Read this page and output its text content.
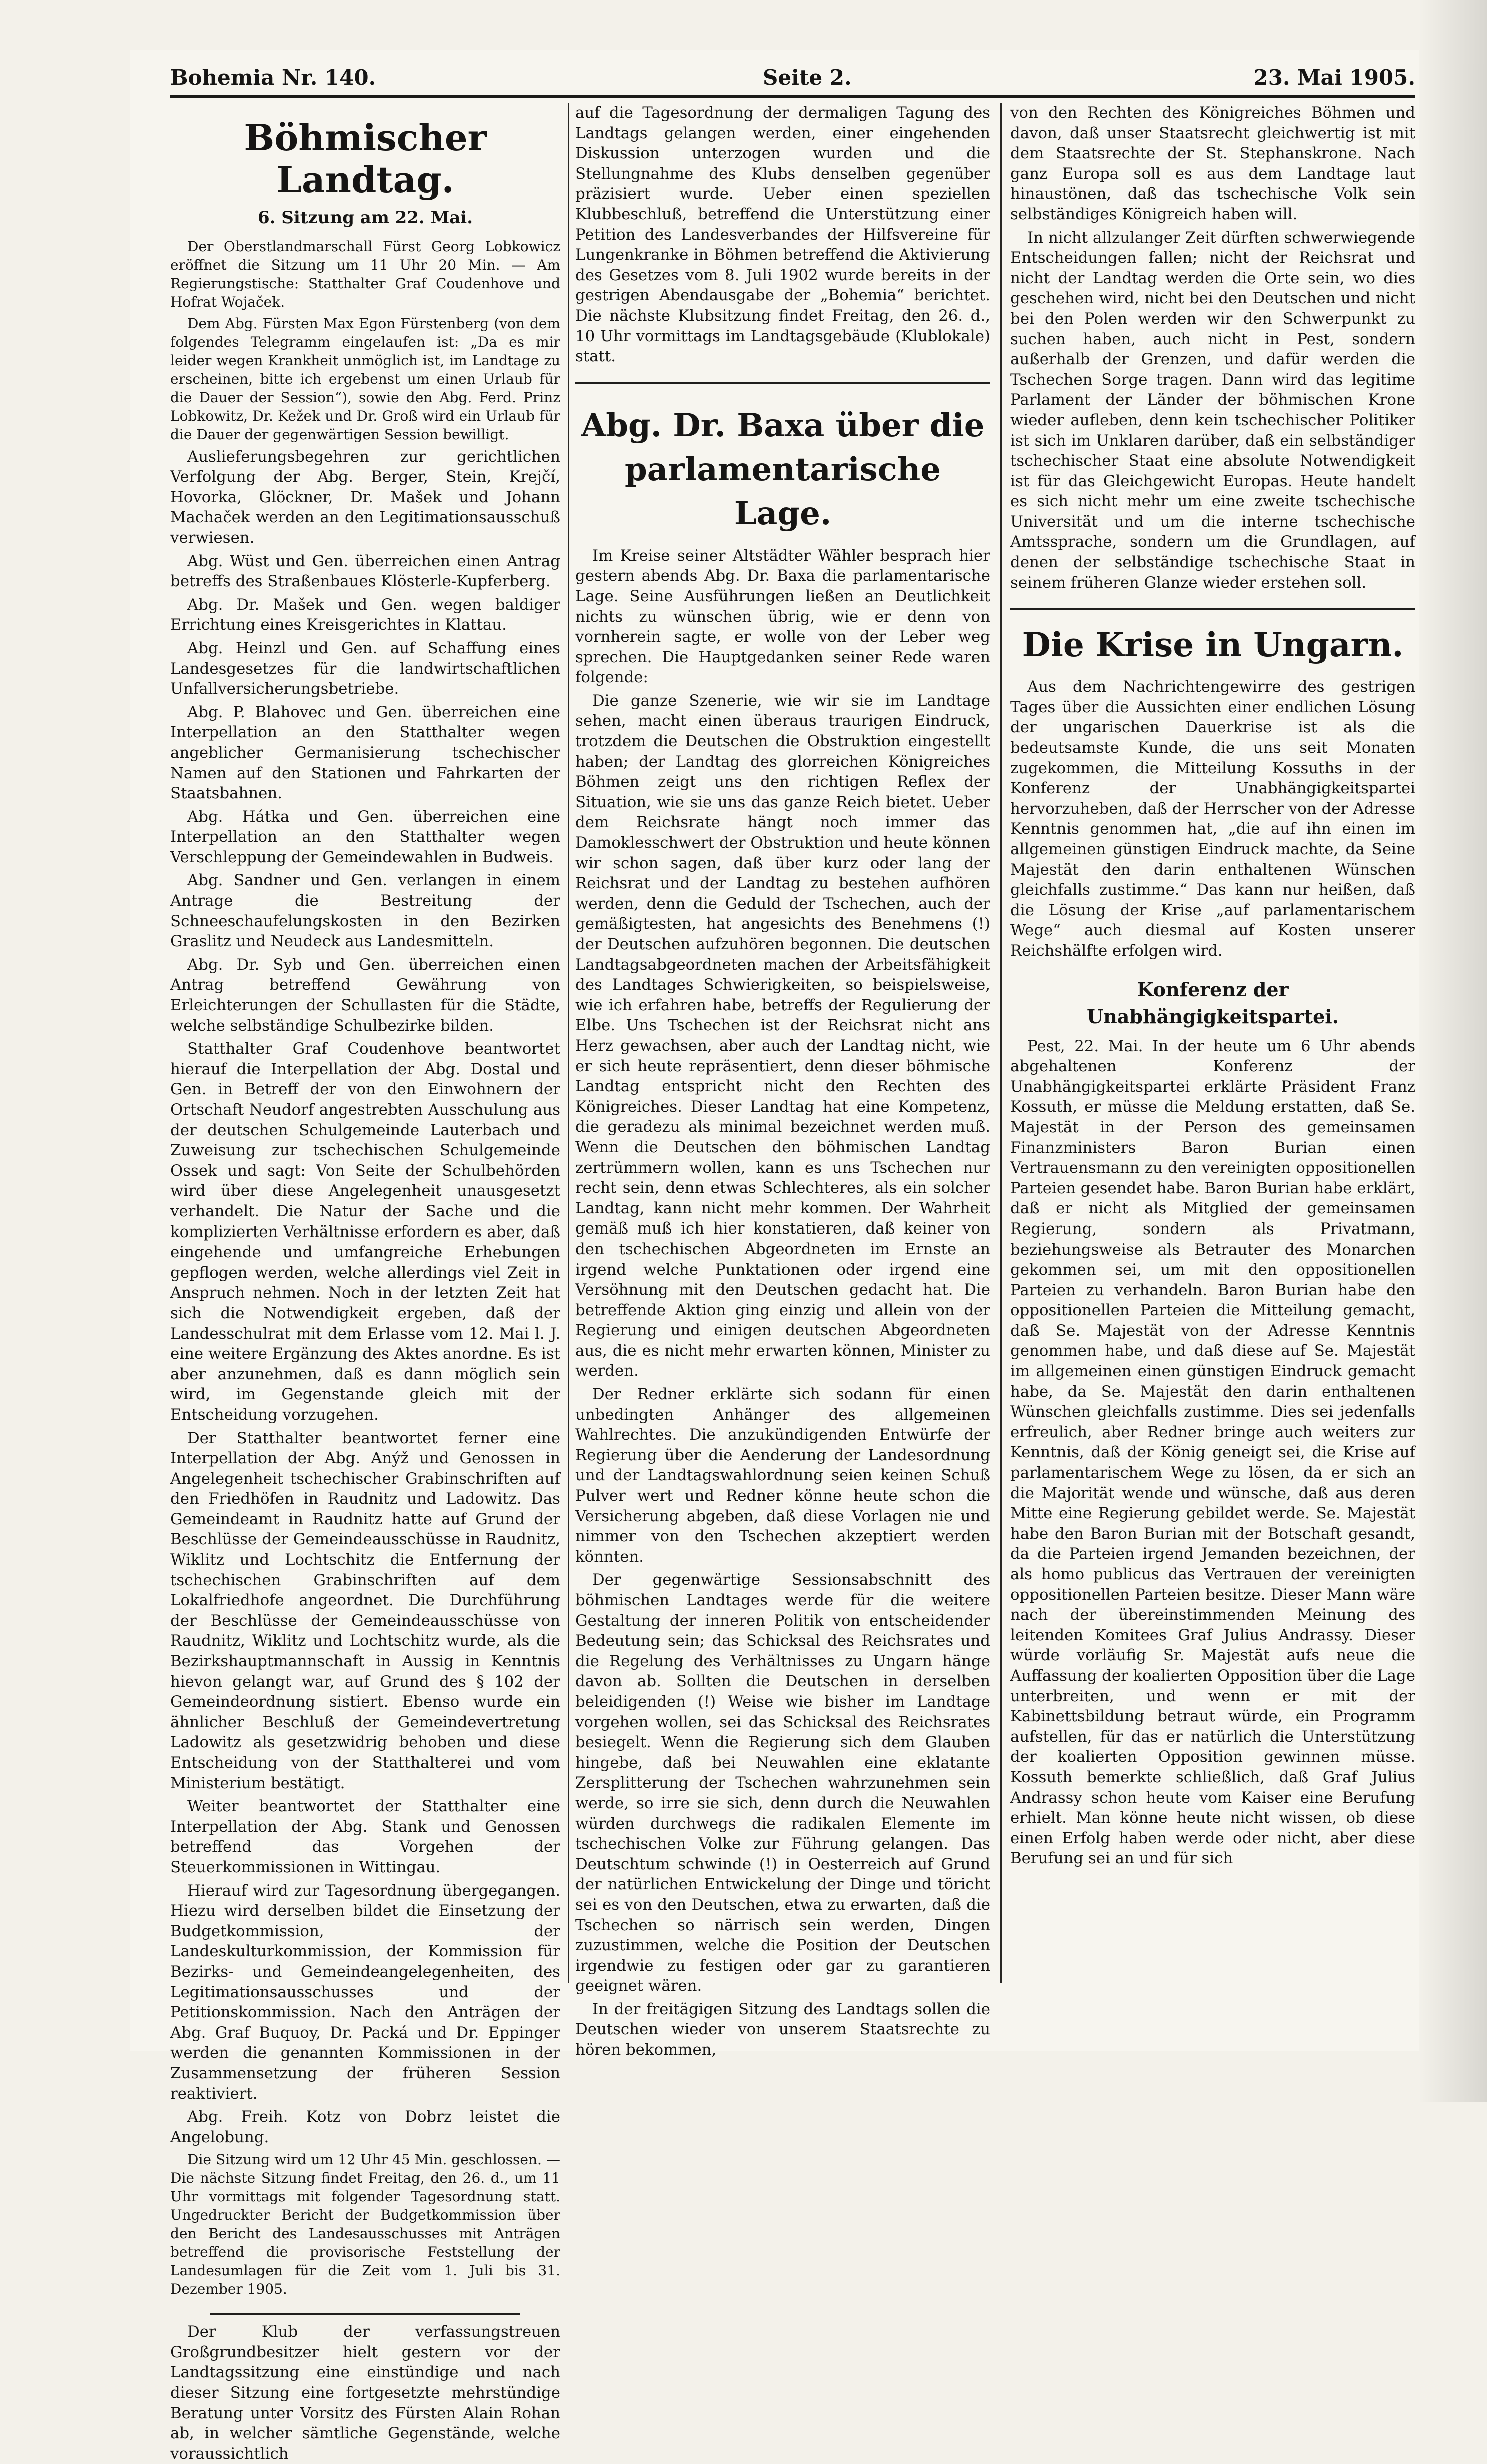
Bohemia Nr. 140.	Seite 2.	23. Mai 1905.
Böhmischer Landtag.
6. Sitzung am 22. Mai.

Der Oberstlandmarschall Fürst Georg Lobkowicz eröffnet die Sitzung um 11 Uhr 20 Min. — Am Regierungstische: Statthalter Graf Coudenhove und Hofrat Wojaček.

Dem Abg. Fürsten Max Egon Fürstenberg (von dem folgendes Telegramm eingelaufen ist: „Da es mir leider wegen Krankheit unmöglich ist, im Landtage zu erscheinen, bitte ich ergebenst um einen Urlaub für die Dauer der Session“), sowie den Abg. Ferd. Prinz Lobkowitz, Dr. Kežek und Dr. Groß wird ein Urlaub für die Dauer der gegenwärtigen Session bewilligt.

Auslieferungsbegehren zur gerichtlichen Verfolgung der Abg. Berger, Stein, Krejčí, Hovorka, Glöckner, Dr. Mašek und Johann Machaček werden an den Legitimationsausschuß verwiesen.

Abg. Wüst und Gen. überreichen einen Antrag betreffs des Straßenbaues Klösterle-Kupferberg.

Abg. Dr. Mašek und Gen. wegen baldiger Errichtung eines Kreisgerichtes in Klattau.

Abg. Heinzl und Gen. auf Schaffung eines Landesgesetzes für die landwirtschaftlichen Unfallversicherungsbetriebe.

Abg. P. Blahovec und Gen. überreichen eine Interpellation an den Statthalter wegen angeblicher Germanisierung tschechischer Namen auf den Stationen und Fahrkarten der Staatsbahnen.

Abg. Hátka und Gen. überreichen eine Interpellation an den Statthalter wegen Verschleppung der Gemeindewahlen in Budweis.

Abg. Sandner und Gen. verlangen in einem Antrage die Bestreitung der Schneeschaufelungskosten in den Bezirken Graslitz und Neudeck aus Landesmitteln.

Abg. Dr. Syb und Gen. überreichen einen Antrag betreffend Gewährung von Erleichterungen der Schullasten für die Städte, welche selbständige Schulbezirke bilden.

Statthalter Graf Coudenhove beantwortet hierauf die Interpellation der Abg. Dostal und Gen. in Betreff der von den Einwohnern der Ortschaft Neudorf angestrebten Ausschulung aus der deutschen Schulgemeinde Lauterbach und Zuweisung zur tschechischen Schulgemeinde Ossek und sagt: Von Seite der Schulbehörden wird über diese Angelegenheit unausgesetzt verhandelt. Die Natur der Sache und die komplizierten Verhältnisse erfordern es aber, daß eingehende und umfangreiche Erhebungen gepflogen werden, welche allerdings viel Zeit in Anspruch nehmen. Noch in der letzten Zeit hat sich die Notwendigkeit ergeben, daß der Landesschulrat mit dem Erlasse vom 12. Mai l. J. eine weitere Ergänzung des Aktes anordne. Es ist aber anzunehmen, daß es dann möglich sein wird, im Gegenstande gleich mit der Entscheidung vorzugehen.

Der Statthalter beantwortet ferner eine Interpellation der Abg. Anýž und Genossen in Angelegenheit tschechischer Grabinschriften auf den Friedhöfen in Raudnitz und Ladowitz. Das Gemeindeamt in Raudnitz hatte auf Grund der Beschlüsse der Gemeindeausschüsse in Raudnitz, Wiklitz und Lochtschitz die Entfernung der tschechischen Grabinschriften auf dem Lokalfriedhofe angeordnet. Die Durchführung der Beschlüsse der Gemeindeausschüsse von Raudnitz, Wiklitz und Lochtschitz wurde, als die Bezirkshauptmannschaft in Aussig in Kenntnis hievon gelangt war, auf Grund des § 102 der Gemeindeordnung sistiert. Ebenso wurde ein ähnlicher Beschluß der Gemeindevertretung Ladowitz als gesetzwidrig behoben und diese Entscheidung von der Statthalterei und vom Ministerium bestätigt.

Weiter beantwortet der Statthalter eine Interpellation der Abg. Stank und Genossen betreffend das Vorgehen der Steuerkommissionen in Wittingau.

Hierauf wird zur Tagesordnung übergegangen. Hiezu wird derselben bildet die Einsetzung der Budgetkommission, der Landeskulturkommission, der Kommission für Bezirks- und Gemeindeangelegenheiten, des Legitimationsausschusses und der Petitionskommission. Nach den Anträgen der Abg. Graf Buquoy, Dr. Packá und Dr. Eppinger werden die genannten Kommissionen in der Zusammensetzung der früheren Session reaktiviert.

Abg. Freih. Kotz von Dobrz leistet die Angelobung.

Die Sitzung wird um 12 Uhr 45 Min. geschlossen. — Die nächste Sitzung findet Freitag, den 26. d., um 11 Uhr vormittags mit folgender Tagesordnung statt. Ungedruckter Bericht der Budgetkommission über den Bericht des Landesausschusses mit Anträgen betreffend die provisorische Feststellung der Landesumlagen für die Zeit vom 1. Juli bis 31. Dezember 1905.

Der Klub der verfassungstreuen Großgrundbesitzer hielt gestern vor der Landtagssitzung eine einstündige und nach dieser Sitzung eine fortgesetzte mehrstündige Beratung unter Vorsitz des Fürsten Alain Rohan ab, in welcher sämtliche Gegenstände, welche voraussichtlich

auf die Tagesordnung der dermaligen Tagung des Landtags gelangen werden, einer eingehenden Diskussion unterzogen wurden und die Stellungnahme des Klubs denselben gegenüber präzisiert wurde. Ueber einen speziellen Klubbeschluß, betreffend die Unterstützung einer Petition des Landesverbandes der Hilfsvereine für Lungenkranke in Böhmen betreffend die Aktivierung des Gesetzes vom 8. Juli 1902 wurde bereits in der gestrigen Abendausgabe der „Bohemia“ berichtet. Die nächste Klubsitzung findet Freitag, den 26. d., 10 Uhr vormittags im Landtagsgebäude (Klublokale) statt.

Abg. Dr. Baxa über die parlamentarische Lage.

Im Kreise seiner Altstädter Wähler besprach hier gestern abends Abg. Dr. Baxa die parlamentarische Lage. Seine Ausführungen ließen an Deutlichkeit nichts zu wünschen übrig, wie er denn von vornherein sagte, er wolle von der Leber weg sprechen. Die Hauptgedanken seiner Rede waren folgende:

Die ganze Szenerie, wie wir sie im Landtage sehen, macht einen überaus traurigen Eindruck, trotzdem die Deutschen die Obstruktion eingestellt haben; der Landtag des glorreichen Königreiches Böhmen zeigt uns den richtigen Reflex der Situation, wie sie uns das ganze Reich bietet. Ueber dem Reichsrate hängt noch immer das Damoklesschwert der Obstruktion und heute können wir schon sagen, daß über kurz oder lang der Reichsrat und der Landtag zu bestehen aufhören werden, denn die Geduld der Tschechen, auch der gemäßigtesten, hat angesichts des Benehmens (!) der Deutschen aufzuhören begonnen. Die deutschen Landtagsabgeordneten machen der Arbeitsfähigkeit des Landtages Schwierigkeiten, so beispielsweise, wie ich erfahren habe, betreffs der Regulierung der Elbe. Uns Tschechen ist der Reichsrat nicht ans Herz gewachsen, aber auch der Landtag nicht, wie er sich heute repräsentiert, denn dieser böhmische Landtag entspricht nicht den Rechten des Königreiches. Dieser Landtag hat eine Kompetenz, die geradezu als minimal bezeichnet werden muß. Wenn die Deutschen den böhmischen Landtag zertrümmern wollen, kann es uns Tschechen nur recht sein, denn etwas Schlechteres, als ein solcher Landtag, kann nicht mehr kommen. Der Wahrheit gemäß muß ich hier konstatieren, daß keiner von den tschechischen Abgeordneten im Ernste an irgend welche Punktationen oder irgend eine Versöhnung mit den Deutschen gedacht hat. Die betreffende Aktion ging einzig und allein von der Regierung und einigen deutschen Abgeordneten aus, die es nicht mehr erwarten können, Minister zu werden.

Der Redner erklärte sich sodann für einen unbedingten Anhänger des allgemeinen Wahlrechtes. Die anzukündigenden Entwürfe der Regierung über die Aenderung der Landesordnung und der Landtagswahlordnung seien keinen Schuß Pulver wert und Redner könne heute schon die Versicherung abgeben, daß diese Vorlagen nie und nimmer von den Tschechen akzeptiert werden könnten.

Der gegenwärtige Sessionsabschnitt des böhmischen Landtages werde für die weitere Gestaltung der inneren Politik von entscheidender Bedeutung sein; das Schicksal des Reichsrates und die Regelung des Verhältnisses zu Ungarn hänge davon ab. Sollten die Deutschen in derselben beleidigenden (!) Weise wie bisher im Landtage vorgehen wollen, sei das Schicksal des Reichsrates besiegelt. Wenn die Regierung sich dem Glauben hingebe, daß bei Neuwahlen eine eklatante Zersplitterung der Tschechen wahrzunehmen sein werde, so irre sie sich, denn durch die Neuwahlen würden durchwegs die radikalen Elemente im tschechischen Volke zur Führung gelangen. Das Deutschtum schwinde (!) in Oesterreich auf Grund der natürlichen Entwickelung der Dinge und töricht sei es von den Deutschen, etwa zu erwarten, daß die Tschechen so närrisch sein werden, Dingen zuzustimmen, welche die Position der Deutschen irgendwie zu festigen oder gar zu garantieren geeignet wären.

In der freitägigen Sitzung des Landtags sollen die Deutschen wieder von unserem Staatsrechte zu hören bekommen,

von den Rechten des Königreiches Böhmen und davon, daß unser Staatsrecht gleichwertig ist mit dem Staatsrechte der St. Stephanskrone. Nach ganz Europa soll es aus dem Landtage laut hinaustönen, daß das tschechische Volk sein selbständiges Königreich haben will.

In nicht allzulanger Zeit dürften schwerwiegende Entscheidungen fallen; nicht der Reichsrat und nicht der Landtag werden die Orte sein, wo dies geschehen wird, nicht bei den Deutschen und nicht bei den Polen werden wir den Schwerpunkt zu suchen haben, auch nicht in Pest, sondern außerhalb der Grenzen, und dafür werden die Tschechen Sorge tragen. Dann wird das legitime Parlament der Länder der böhmischen Krone wieder aufleben, denn kein tschechischer Politiker ist sich im Unklaren darüber, daß ein selbständiger tschechischer Staat eine absolute Notwendigkeit ist für das Gleichgewicht Europas. Heute handelt es sich nicht mehr um eine zweite tschechische Universität und um die interne tschechische Amtssprache, sondern um die Grundlagen, auf denen der selbständige tschechische Staat in seinem früheren Glanze wieder erstehen soll.

Die Krise in Ungarn.

Aus dem Nachrichtengewirre des gestrigen Tages über die Aussichten einer endlichen Lösung der ungarischen Dauerkrise ist als die bedeutsamste Kunde, die uns seit Monaten zugekommen, die Mitteilung Kossuths in der Konferenz der Unabhängigkeitspartei hervorzuheben, daß der Herrscher von der Adresse Kenntnis genommen hat, „die auf ihn einen im allgemeinen günstigen Eindruck machte, da Seine Majestät den darin enthaltenen Wünschen gleichfalls zustimme.“ Das kann nur heißen, daß die Lösung der Krise „auf parlamentarischem Wege“ auch diesmal auf Kosten unserer Reichshälfte erfolgen wird.

Konferenz der Unabhängigkeitspartei.

Pest, 22. Mai. In der heute um 6 Uhr abends abgehaltenen Konferenz der Unabhängigkeitspartei erklärte Präsident Franz Kossuth, er müsse die Meldung erstatten, daß Se. Majestät in der Person des gemeinsamen Finanzministers Baron Burian einen Vertrauensmann zu den vereinigten oppositionellen Parteien gesendet habe. Baron Burian habe erklärt, daß er nicht als Mitglied der gemeinsamen Regierung, sondern als Privatmann, beziehungsweise als Betrauter des Monarchen gekommen sei, um mit den oppositionellen Parteien zu verhandeln. Baron Burian habe den oppositionellen Parteien die Mitteilung gemacht, daß Se. Majestät von der Adresse Kenntnis genommen habe, und daß diese auf Se. Majestät im allgemeinen einen günstigen Eindruck gemacht habe, da Se. Majestät den darin enthaltenen Wünschen gleichfalls zustimme. Dies sei jedenfalls erfreulich, aber Redner bringe auch weiters zur Kenntnis, daß der König geneigt sei, die Krise auf parlamentarischem Wege zu lösen, da er sich an die Majorität wende und wünsche, daß aus deren Mitte eine Regierung gebildet werde. Se. Majestät habe den Baron Burian mit der Botschaft gesandt, da die Parteien irgend Jemanden bezeichnen, der als homo publicus das Vertrauen der vereinigten oppositionellen Parteien besitze. Dieser Mann wäre nach der übereinstimmenden Meinung des leitenden Komitees Graf Julius Andrassy. Dieser würde vorläufig Sr. Majestät aufs neue die Auffassung der koalierten Opposition über die Lage unterbreiten, und wenn er mit der Kabinettsbildung betraut würde, ein Programm aufstellen, für das er natürlich die Unterstützung der koalierten Opposition gewinnen müsse. Kossuth bemerkte schließlich, daß Graf Julius Andrassy schon heute vom Kaiser eine Berufung erhielt. Man könne heute nicht wissen, ob diese einen Erfolg haben werde oder nicht, aber diese Berufung sei an und für sich
